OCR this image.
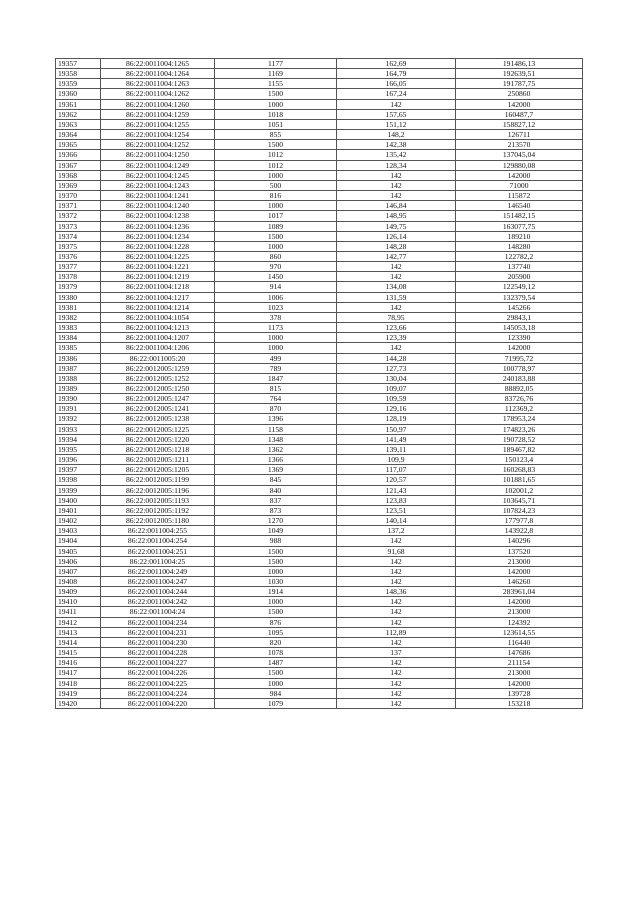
19357	86:22:0011004:1265	1177	162,69	191486,13
19358	86:22:0011004:1264	1169	164,79	192639,51
19359	86:22:0011004:1263	1155	166,05	191787,75
19360	86:22:0011004:1262	1500	167,24	250860
19361	86:22:0011004:1260	1000	142	142000
19362	86:22:0011004:1259	1018	157,65	160487,7
19363	86:22:0011004:1255	1051	151,12	158827,12
19364	86:22:0011004:1254	855	148,2	126711
19365	86:22:0011004:1252	1500	142,38	213570
19366	86:22:0011004:1250	1012	135,42	137045,04
19367	86:22:0011004:1249	1012	128,34	129880,08
19368	86:22:0011004:1245	1000	142	142000
19369	86:22:0011004:1243	500	142	71000
19370	86:22:0011004:1241	816	142	115872
19371	86:22:0011004:1240	1000	146,84	146540
19372	86:22:0011004:1238	1017	148,95	151482,15
19373	86:22:0011004:1236	1089	149,75	163077,75
19374	86:22:0011004:1234	1500	126,14	189210
19375	86:22:0011004:1228	1000	148,28	148280
19376	86:22:0011004:1225	860	142,77	122782,2
19377	86:22:0011004:1221	970	142	137740
19378	86:22:0011004:1219	1450	142	205900
19379	86:22:0011004:1218	914	134,08	122549,12
19380	86:22:0011004:1217	1006	131,59	132379,54
19381	86:22:0011004:1214	1023	142	145266
19382	86:22:0011004:1054	378	78,95	29843,1
19383	86:22:0011004:1213	1173	123,66	145053,18
19384	86:22:0011004:1207	1000	123,39	123390
19385	86:22:0011004:1206	1000	142	142000
19386	86:22:0011005:20	499	144,28	71995,72
19387	86:22:0012005:1259	789	127,73	100778,97
19388	86:22:0012005:1252	1847	130,04	240183,88
19389	86:22:0012005:1250	815	109,07	88892,05
19390	86:22:0012005:1247	764	109,59	83726,76
19391	86:22:0012005:1241	870	129,16	112369,2
19392	86:22:0012005:1238	1396	128,19	178953,24
19393	86:22:0012005:1225	1158	150,97	174823,26
19394	86:22:0012005:1220	1348	141,49	190728,52
19395	86:22:0012005:1218	1362	139,11	189467,82
19396	86:22:0012005:1211	1366	109,9	150123,4
19397	86:22:0012005:1205	1369	117,07	160268,83
19398	86:22:0012005:1199	845	120,57	101881,65
19399	86:22:0012005:1196	840	121,43	102001,2
19400	86:22:0012005:1193	837	123,83	103645,71
19401	86:22:0012005:1192	873	123,51	107824,23
19402	86:22:0012005:1180	1270	140,14	177977,8
19403	86:22:0011004:255	1049	137,2	143922,8
19404	86:22:0011004:254	988	142	140296
19405	86:22:0011004:251	1500	91,68	137520
19406	86:22:0011004:25	1500	142	213000
19407	86:22:0011004:249	1000	142	142000
19408	86:22:0011004:247	1030	142	146260
19409	86:22:0011004:244	1914	148,36	283961,04
19410	86:22:0011004:242	1000	142	142000
19411	86:22:0011004:24	1500	142	213000
19412	86:22:0011004:234	876	142	124392
19413	86:22:0011004:231	1095	112,89	123614,55
19414	86:22:0011004:230	820	142	116440
19415	86:22:0011004:228	1078	137	147686
19416	86:22:0011004:227	1487	142	211154
19417	86:22:0011004:226	1500	142	213000
19418	86:22:0011004:225	1000	142	142000
19419	86:22:0011004:224	984	142	139728
19420	86:22:0011004:220	1079	142	153218
